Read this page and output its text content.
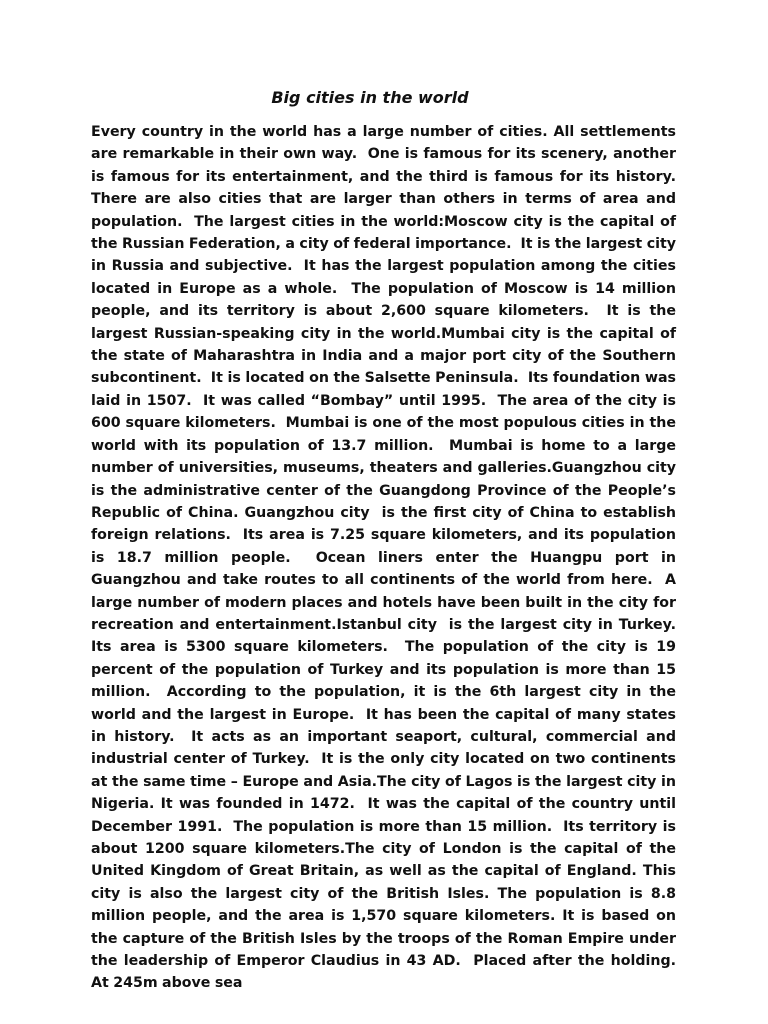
Big cities in the world

Every country in the world has a large number of cities. All settlements are remarkable in their own way.  One is famous for its scenery, another is famous for its entertainment, and the third is famous for its history.  There are also cities that are larger than others in terms of area and population.  The largest cities in the world:Moscow city is the capital of the Russian Federation, a city of federal importance.  It is the largest city in Russia and subjective.  It has the largest population among the cities located in Europe as a whole.  The population of Moscow is 14 million people, and its territory is about 2,600 square kilometers.  It is the largest Russian-speaking city in the world.Mumbai city is the capital of the state of Maharashtra in India and a major port city of the Southern subcontinent.  It is located on the Salsette Peninsula.  Its foundation was laid in 1507.  It was called “Bombay” until 1995.  The area of the city is 600 square kilometers.  Mumbai is one of the most populous cities in the world with its population of 13.7 million.  Mumbai is home to a large number of universities, museums, theaters and galleries.Guangzhou city is the administrative center of the Guangdong Province of the People’s Republic of China. Guangzhou city  is the first city of China to establish foreign relations.  Its area is 7.25 square kilometers, and its population is 18.7 million people.  Ocean liners enter the Huangpu port in Guangzhou and take routes to all continents of the world from here.  A large number of modern places and hotels have been built in the city for recreation and entertainment.Istanbul city  is the largest city in Turkey.  Its area is 5300 square kilometers.  The population of the city is 19 percent of the population of Turkey and its population is more than 15 million.  According to the population, it is the 6th largest city in the world and the largest in Europe.  It has been the capital of many states in history.  It acts as an important seaport, cultural, commercial and industrial center of Turkey.  It is the only city located on two continents at the same time – Europe and Asia.The city of Lagos is the largest city in Nigeria. It was founded in 1472.  It was the capital of the country until December 1991.  The population is more than 15 million.  Its territory is about 1200 square kilometers.The city of London is the capital of the United Kingdom of Great Britain, as well as the capital of England. This city is also the largest city of the British Isles. The population is 8.8 million people, and the area is 1,570 square kilometers. It is based on the capture of the British Isles by the troops of the Roman Empire under the leadership of Emperor Claudius in 43 AD.  Placed after the holding.  At 245m above sea
